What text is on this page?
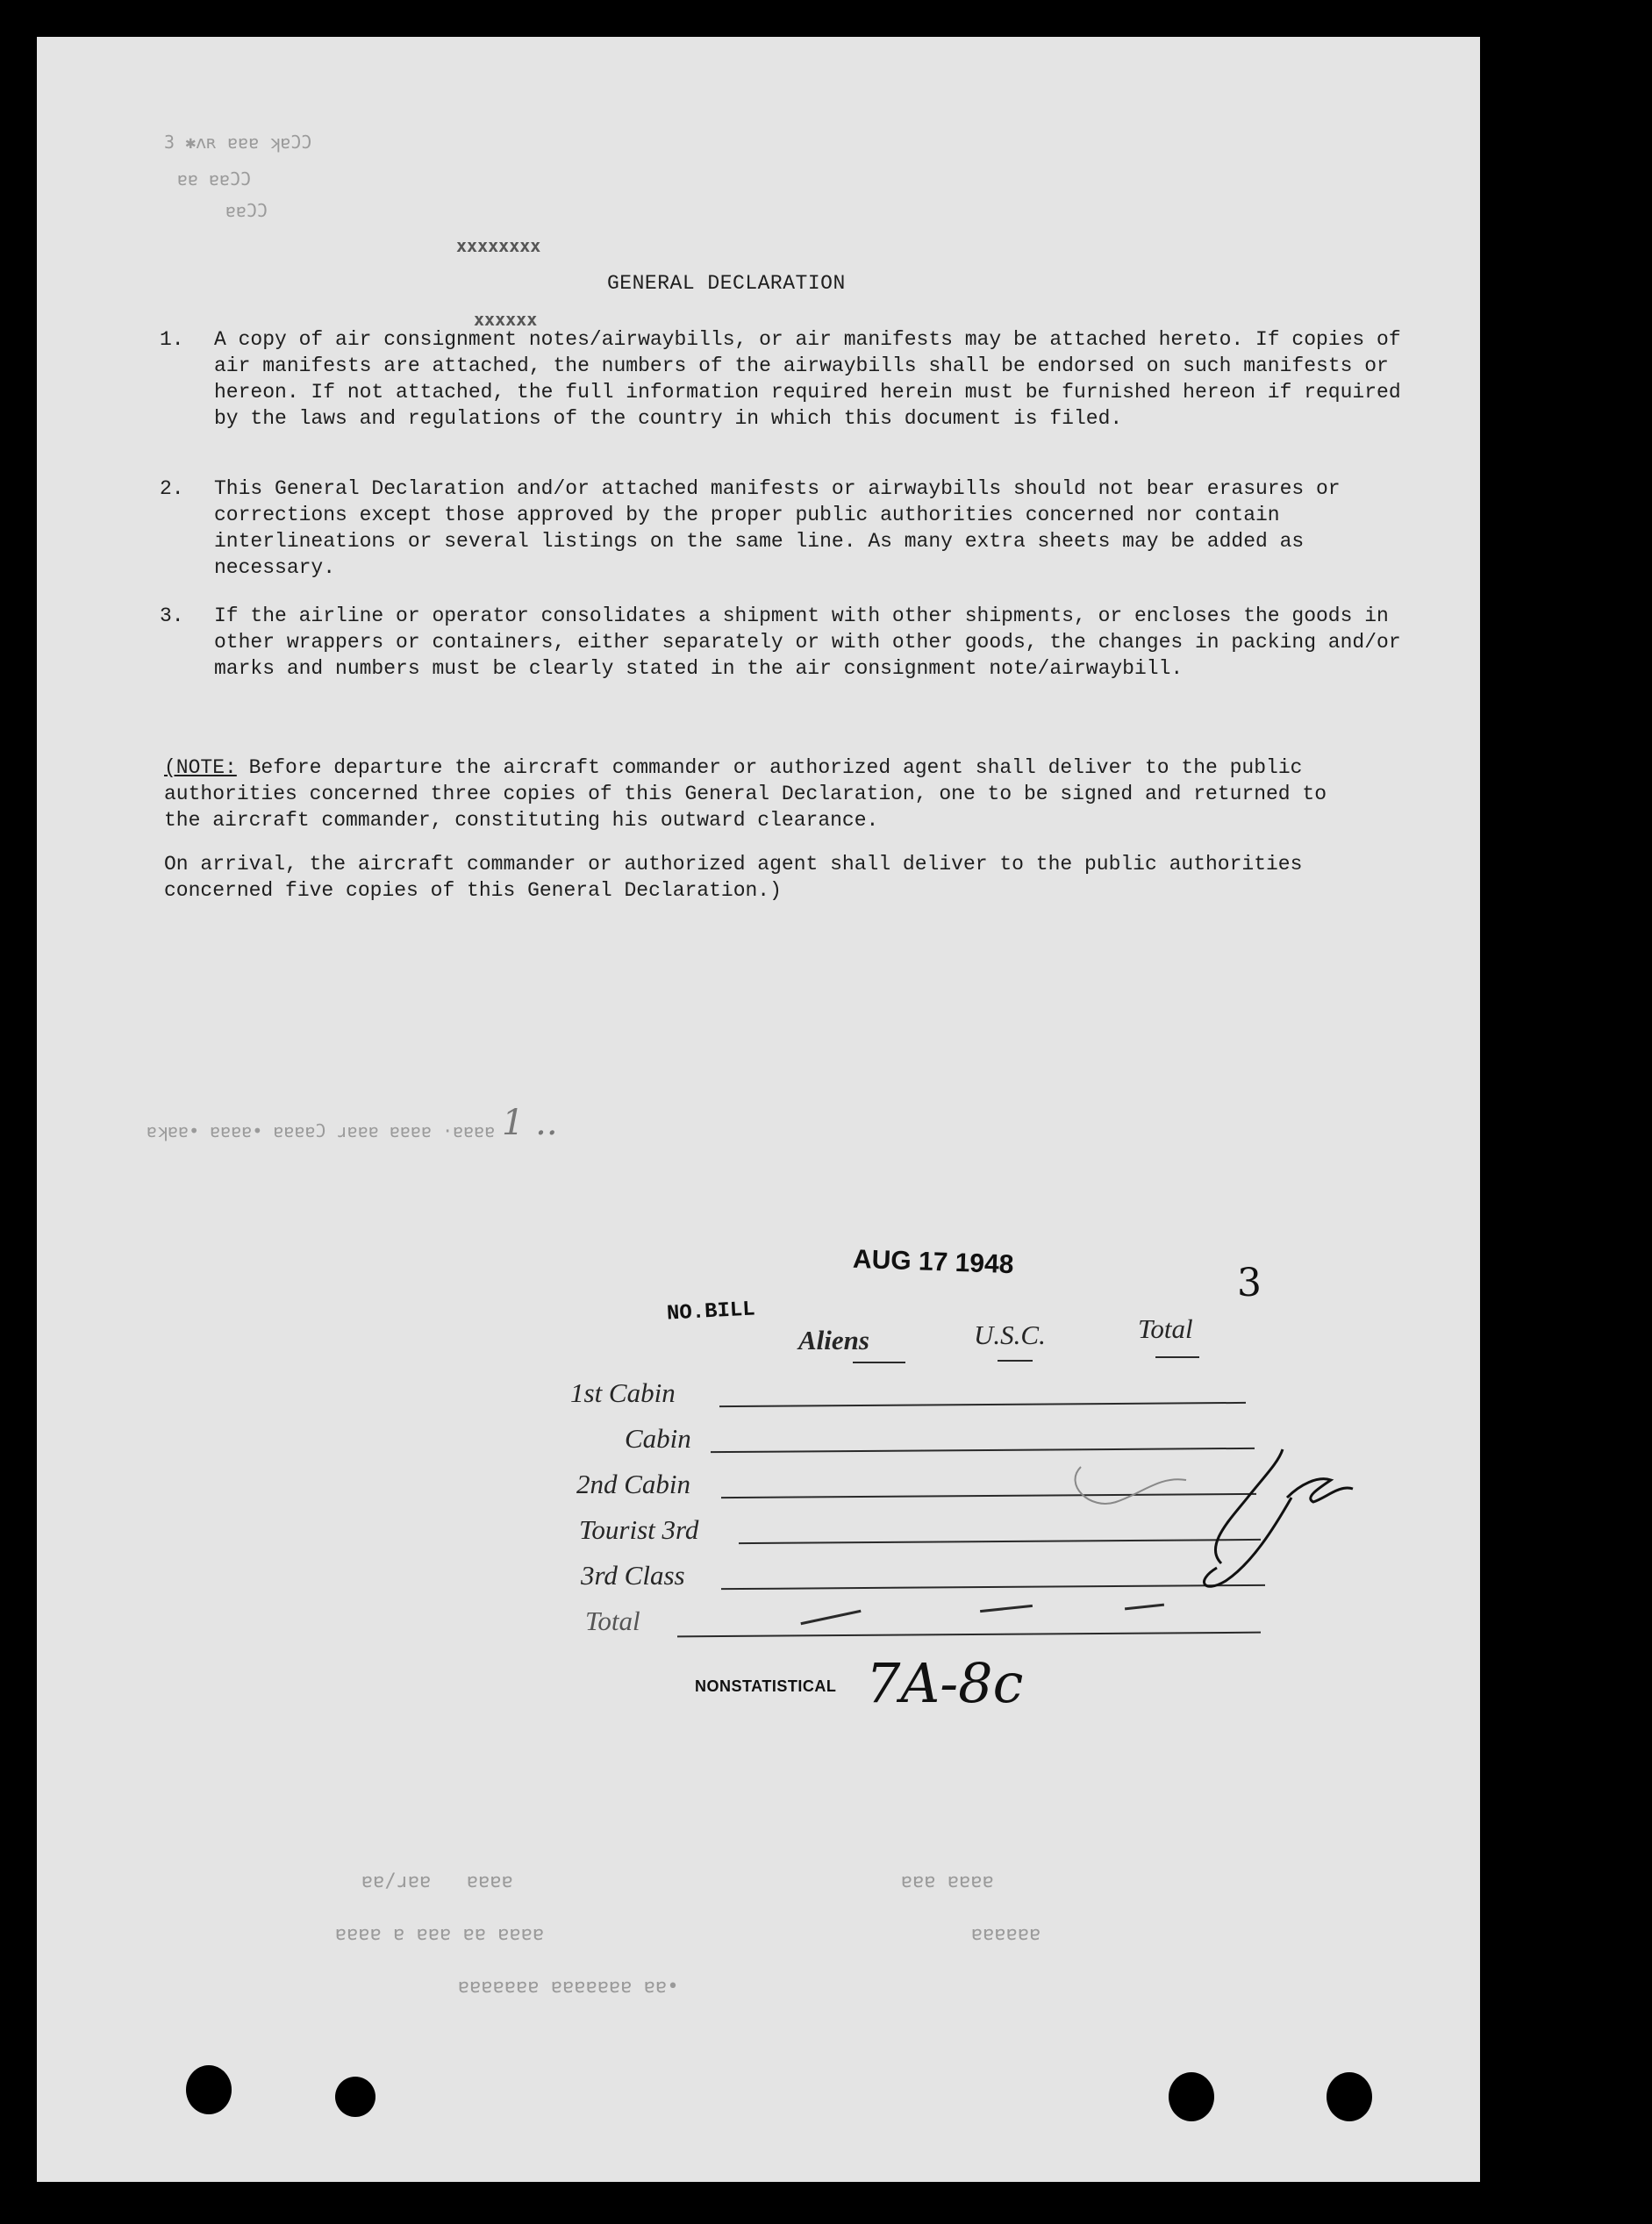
3 ✱ʌʀ ɐɐɐ ʞɐƆƆ
ɐɐ ɐɐƆƆ
ɐɐƆƆ
xxxxxxxx
xxxxxx
GENERAL DECLARATION
1.	A copy of air consignment notes/airwaybills, or air manifests may be attached hereto. If copies of air manifests are attached, the numbers of the airwaybills shall be endorsed on such manifests or hereon. If not attached, the full information required herein must be furnished hereon if required by the laws and regulations of the country in which this document is filed.
2.	This General Declaration and/or attached manifests or airwaybills should not bear erasures or corrections except those approved by the proper public authorities concerned nor contain interlineations or several listings on the same line. As many extra sheets may be added as necessary.
3.	If the airline or operator consolidates a shipment with other shipments, or encloses the goods in other wrappers or containers, either separately or with other goods, the changes in packing and/or marks and numbers must be clearly stated in the air consignment note/airwaybill.
(NOTE: Before departure the aircraft commander or authorized agent shall deliver to the public authorities concerned three copies of this General Declaration, one to be signed and returned to the aircraft commander, constituting his outward clearance.
On arrival, the aircraft commander or authorized agent shall deliver to the public authorities concerned five copies of this General Declaration.)
ɐʞɐɐ• ɐɐɐɐ• ɐɐɐɐƆ ɹɐɐɐ ɐɐɐɐ ·ɐɐɐɐ 1 ..
AUG 17 1948
NO.BILL
3
Aliens	U.S.C.	Total
1st Cabin
Cabin
2nd Cabin
Tourist 3rd
3rd Class
Total
NONSTATISTICAL 7A-8c
ɐɐ/ɹɐɐ ɐɐɐɐ	ɐɐɐ ɐɐɐɐ
ɐɐɐɐ ɐ ɐɐɐ ɐɐ ɐɐɐɐ	ɐɐɐɐɐɐ
ɐɐɐɐɐɐɐ ɐɐɐɐɐɐɐ ɐɐ•
